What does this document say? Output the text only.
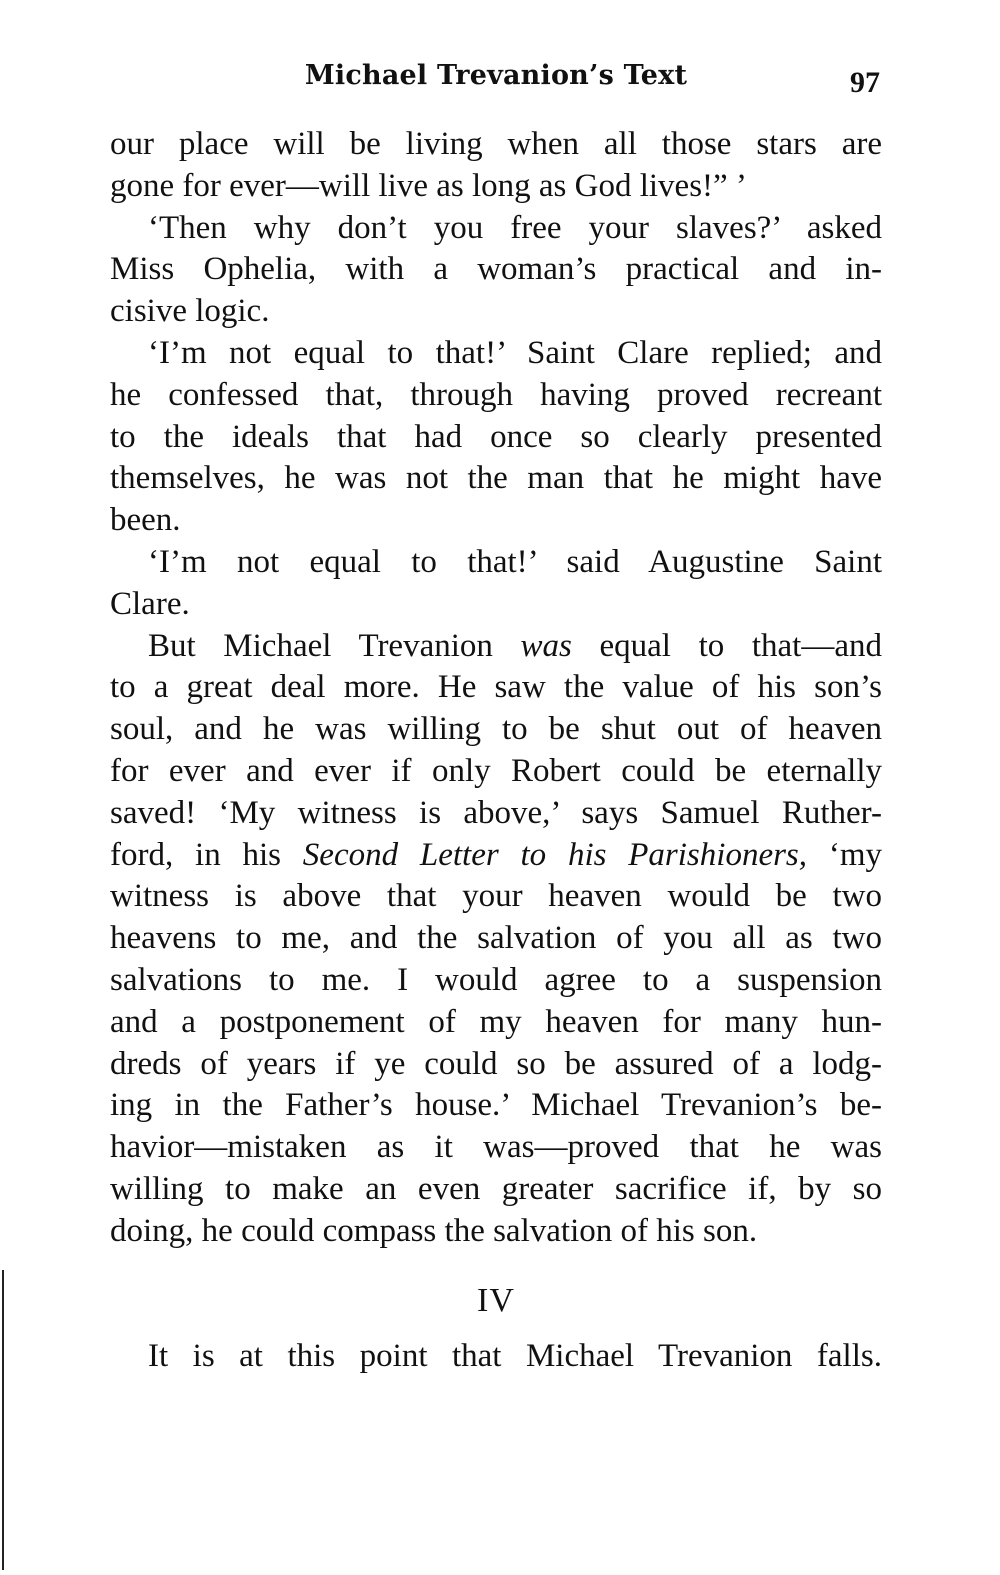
Michael Trevanion’s Text	97

our place will be living when all those stars are
gone for ever—will live as long as God lives!” ’

‘Then why don’t you free your slaves?’ asked
Miss Ophelia, with a woman’s practical and in-
cisive logic.

‘I’m not equal to that!’ Saint Clare replied; and
he confessed that, through having proved recreant
to the ideals that had once so clearly presented
themselves, he was not the man that he might have
been.

‘I’m not equal to that!’ said Augustine Saint
Clare.

But Michael Trevanion was equal to that—and
to a great deal more. He saw the value of his son’s
soul, and he was willing to be shut out of heaven
for ever and ever if only Robert could be eternally
saved! ‘My witness is above,’ says Samuel Ruther-
ford, in his Second Letter to his Parishioners, ‘my
witness is above that your heaven would be two
heavens to me, and the salvation of you all as two
salvations to me. I would agree to a suspension
and a postponement of my heaven for many hun-
dreds of years if ye could so be assured of a lodg-
ing in the Father’s house.’ Michael Trevanion’s be-
havior—mistaken as it was—proved that he was
willing to make an even greater sacrifice if, by so
doing, he could compass the salvation of his son.

IV
It is at this point that Michael Trevanion falls.
